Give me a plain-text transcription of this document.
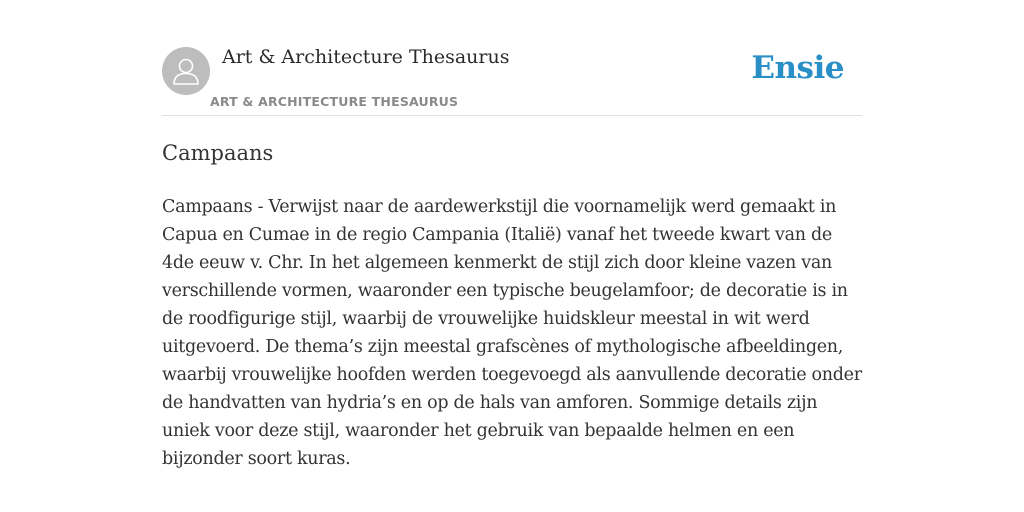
Art & Architecture Thesaurus
ART & ARCHITECTURE THESAURUS
Ensie
Campaans

Campaans - Verwijst naar de aardewerkstijl die voornamelijk werd gemaakt in Capua en Cumae in de regio Campania (Italië) vanaf het tweede kwart van de 4de eeuw v. Chr. In het algemeen kenmerkt de stijl zich door kleine vazen van verschillende vormen, waaronder een typische beugelamfoor; de decoratie is in de roodfigurige stijl, waarbij de vrouwelijke huidskleur meestal in wit werd uitgevoerd. De thema’s zijn meestal grafscènes of mythologische afbeeldingen, waarbij vrouwelijke hoofden werden toegevoegd als aanvullende decoratie onder de handvatten van hydria’s en op de hals van amforen. Sommige details zijn uniek voor deze stijl, waaronder het gebruik van bepaalde helmen en een bijzonder soort kuras.
